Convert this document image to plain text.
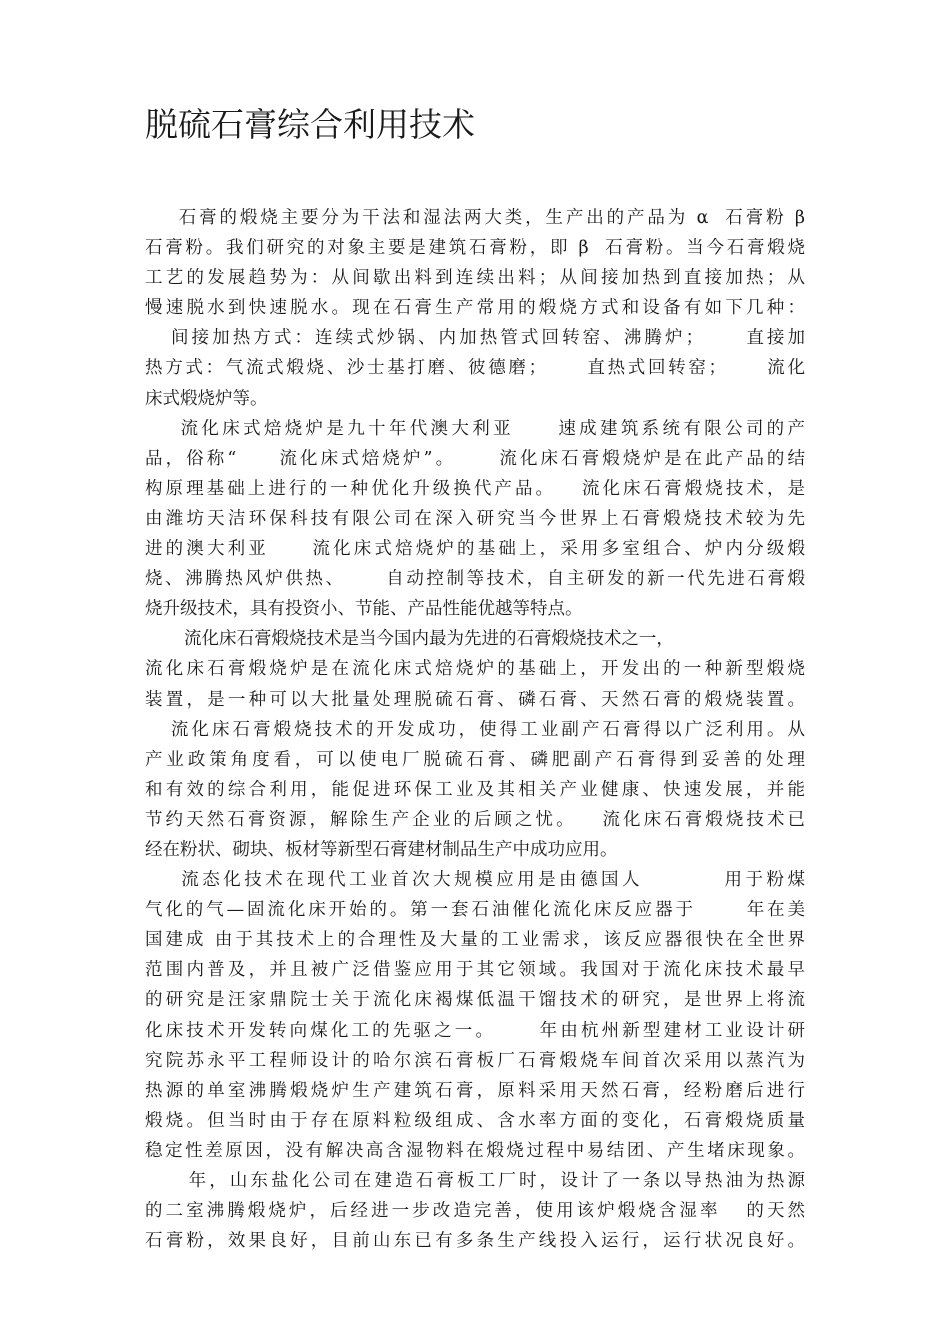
脱硫石膏综合利用技术
石膏的煅烧主要分为干法和湿法两大类，生产出的产品为 α  石膏粉 β
石膏粉。我们研究的对象主要是建筑石膏粉，即 β  石膏粉。当今石膏煅烧
工艺的发展趋势为：从间歇出料到连续出料；从间接加热到直接加热；从
慢速脱水到快速脱水。现在石膏生产常用的煅烧方式和设备有如下几种：
间接加热方式：连续式炒锅、内加热管式回转窑、沸腾炉；     直接加
热方式：气流式煅烧、沙士基打磨、彼德磨；     直热式回转窑；     流化
床式煅烧炉等。
流化床式焙烧炉是九十年代澳大利亚     速成建筑系统有限公司的产
品，俗称“     流化床式焙烧炉”。     流化床石膏煅烧炉是在此产品的结
构原理基础上进行的一种优化升级换代产品。   流化床石膏煅烧技术，是
由潍坊天洁环保科技有限公司在深入研究当今世界上石膏煅烧技术较为先
进的澳大利亚     流化床式焙烧炉的基础上，采用多室组合、炉内分级煅
烧、沸腾热风炉供热、     自动控制等技术，自主研发的新一代先进石膏煅
烧升级技术，具有投资小、节能、产品性能优越等特点。
流化床石膏煅烧技术是当今国内最为先进的石膏煅烧技术之一，
流化床石膏煅烧炉是在流化床式焙烧炉的基础上，开发出的一种新型煅烧
装置，是一种可以大批量处理脱硫石膏、磷石膏、天然石膏的煅烧装置。
流化床石膏煅烧技术的开发成功，使得工业副产石膏得以广泛利用。从
产业政策角度看，可以使电厂脱硫石膏、磷肥副产石膏得到妥善的处理
和有效的综合利用，能促进环保工业及其相关产业健康、快速发展，并能
节约天然石膏资源，解除生产企业的后顾之忧。   流化床石膏煅烧技术已
经在粉状、砌块、板材等新型石膏建材制品生产中成功应用。
流态化技术在现代工业首次大规模应用是由德国人         用于粉煤
气化的气—固流化床开始的。第一套石油催化流化床反应器于      年在美
国建成 由于其技术上的合理性及大量的工业需求，该反应器很快在全世界
范围内普及，并且被广泛借鉴应用于其它领域。我国对于流化床技术最早
的研究是汪家鼎院士关于流化床褐煤低温干馏技术的研究，是世界上将流
化床技术开发转向煤化工的先驱之一。     年由杭州新型建材工业设计研
究院苏永平工程师设计的哈尔滨石膏板厂石膏煅烧车间首次采用以蒸汽为
热源的单室沸腾煅烧炉生产建筑石膏，原料采用天然石膏，经粉磨后进行
煅烧。但当时由于存在原料粒级组成、含水率方面的变化，石膏煅烧质量
稳定性差原因，没有解决高含湿物料在煅烧过程中易结团、产生堵床现象。
年，山东盐化公司在建造石膏板工厂时，设计了一条以导热油为热源
的二室沸腾煅烧炉，后经进一步改造完善，使用该炉煅烧含湿率   的天然
石膏粉，效果良好，目前山东已有多条生产线投入运行，运行状况良好。
